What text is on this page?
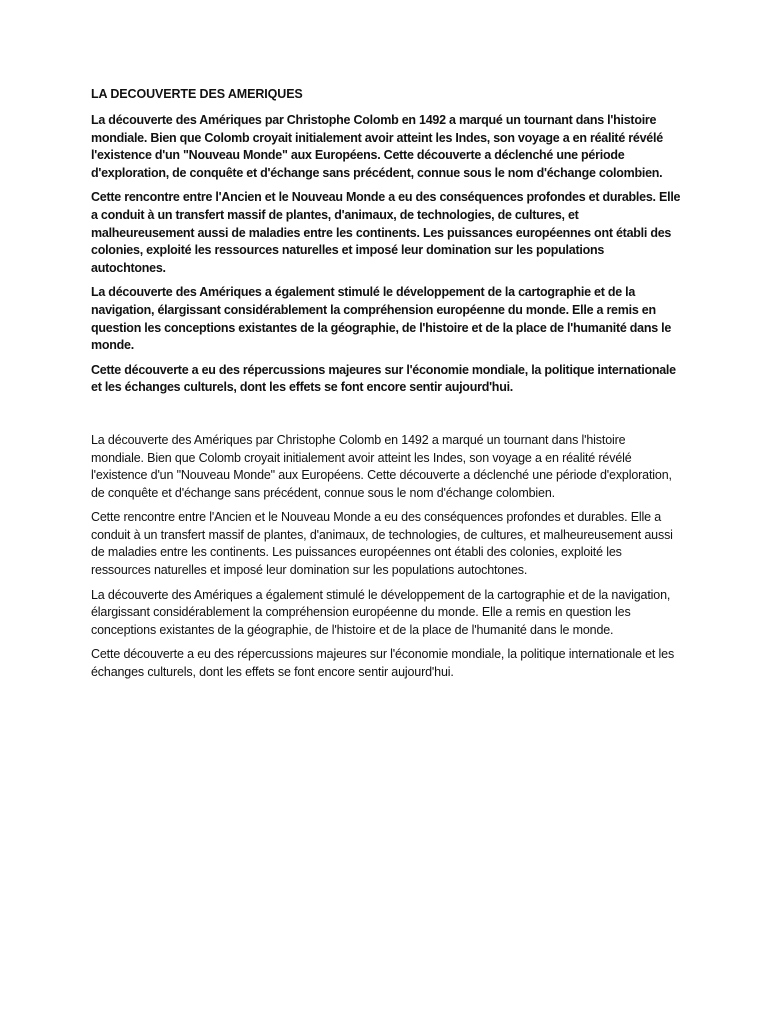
LA DECOUVERTE DES AMERIQUES

La découverte des Amériques par Christophe Colomb en 1492 a marqué un tournant dans l'histoire mondiale. Bien que Colomb croyait initialement avoir atteint les Indes, son voyage a en réalité révélé l'existence d'un "Nouveau Monde" aux Européens. Cette découverte a déclenché une période d'exploration, de conquête et d'échange sans précédent, connue sous le nom d'échange colombien.

Cette rencontre entre l'Ancien et le Nouveau Monde a eu des conséquences profondes et durables. Elle a conduit à un transfert massif de plantes, d'animaux, de technologies, de cultures, et malheureusement aussi de maladies entre les continents. Les puissances européennes ont établi des colonies, exploité les ressources naturelles et imposé leur domination sur les populations autochtones.

La découverte des Amériques a également stimulé le développement de la cartographie et de la navigation, élargissant considérablement la compréhension européenne du monde. Elle a remis en question les conceptions existantes de la géographie, de l'histoire et de la place de l'humanité dans le monde.

Cette découverte a eu des répercussions majeures sur l'économie mondiale, la politique internationale et les échanges culturels, dont les effets se font encore sentir aujourd'hui.

La découverte des Amériques par Christophe Colomb en 1492 a marqué un tournant dans l'histoire mondiale. Bien que Colomb croyait initialement avoir atteint les Indes, son voyage a en réalité révélé l'existence d'un "Nouveau Monde" aux Européens. Cette découverte a déclenché une période d'exploration, de conquête et d'échange sans précédent, connue sous le nom d'échange colombien.

Cette rencontre entre l'Ancien et le Nouveau Monde a eu des conséquences profondes et durables. Elle a conduit à un transfert massif de plantes, d'animaux, de technologies, de cultures, et malheureusement aussi de maladies entre les continents. Les puissances européennes ont établi des colonies, exploité les ressources naturelles et imposé leur domination sur les populations autochtones.

La découverte des Amériques a également stimulé le développement de la cartographie et de la navigation, élargissant considérablement la compréhension européenne du monde. Elle a remis en question les conceptions existantes de la géographie, de l'histoire et de la place de l'humanité dans le monde.

Cette découverte a eu des répercussions majeures sur l'économie mondiale, la politique internationale et les échanges culturels, dont les effets se font encore sentir aujourd'hui.
